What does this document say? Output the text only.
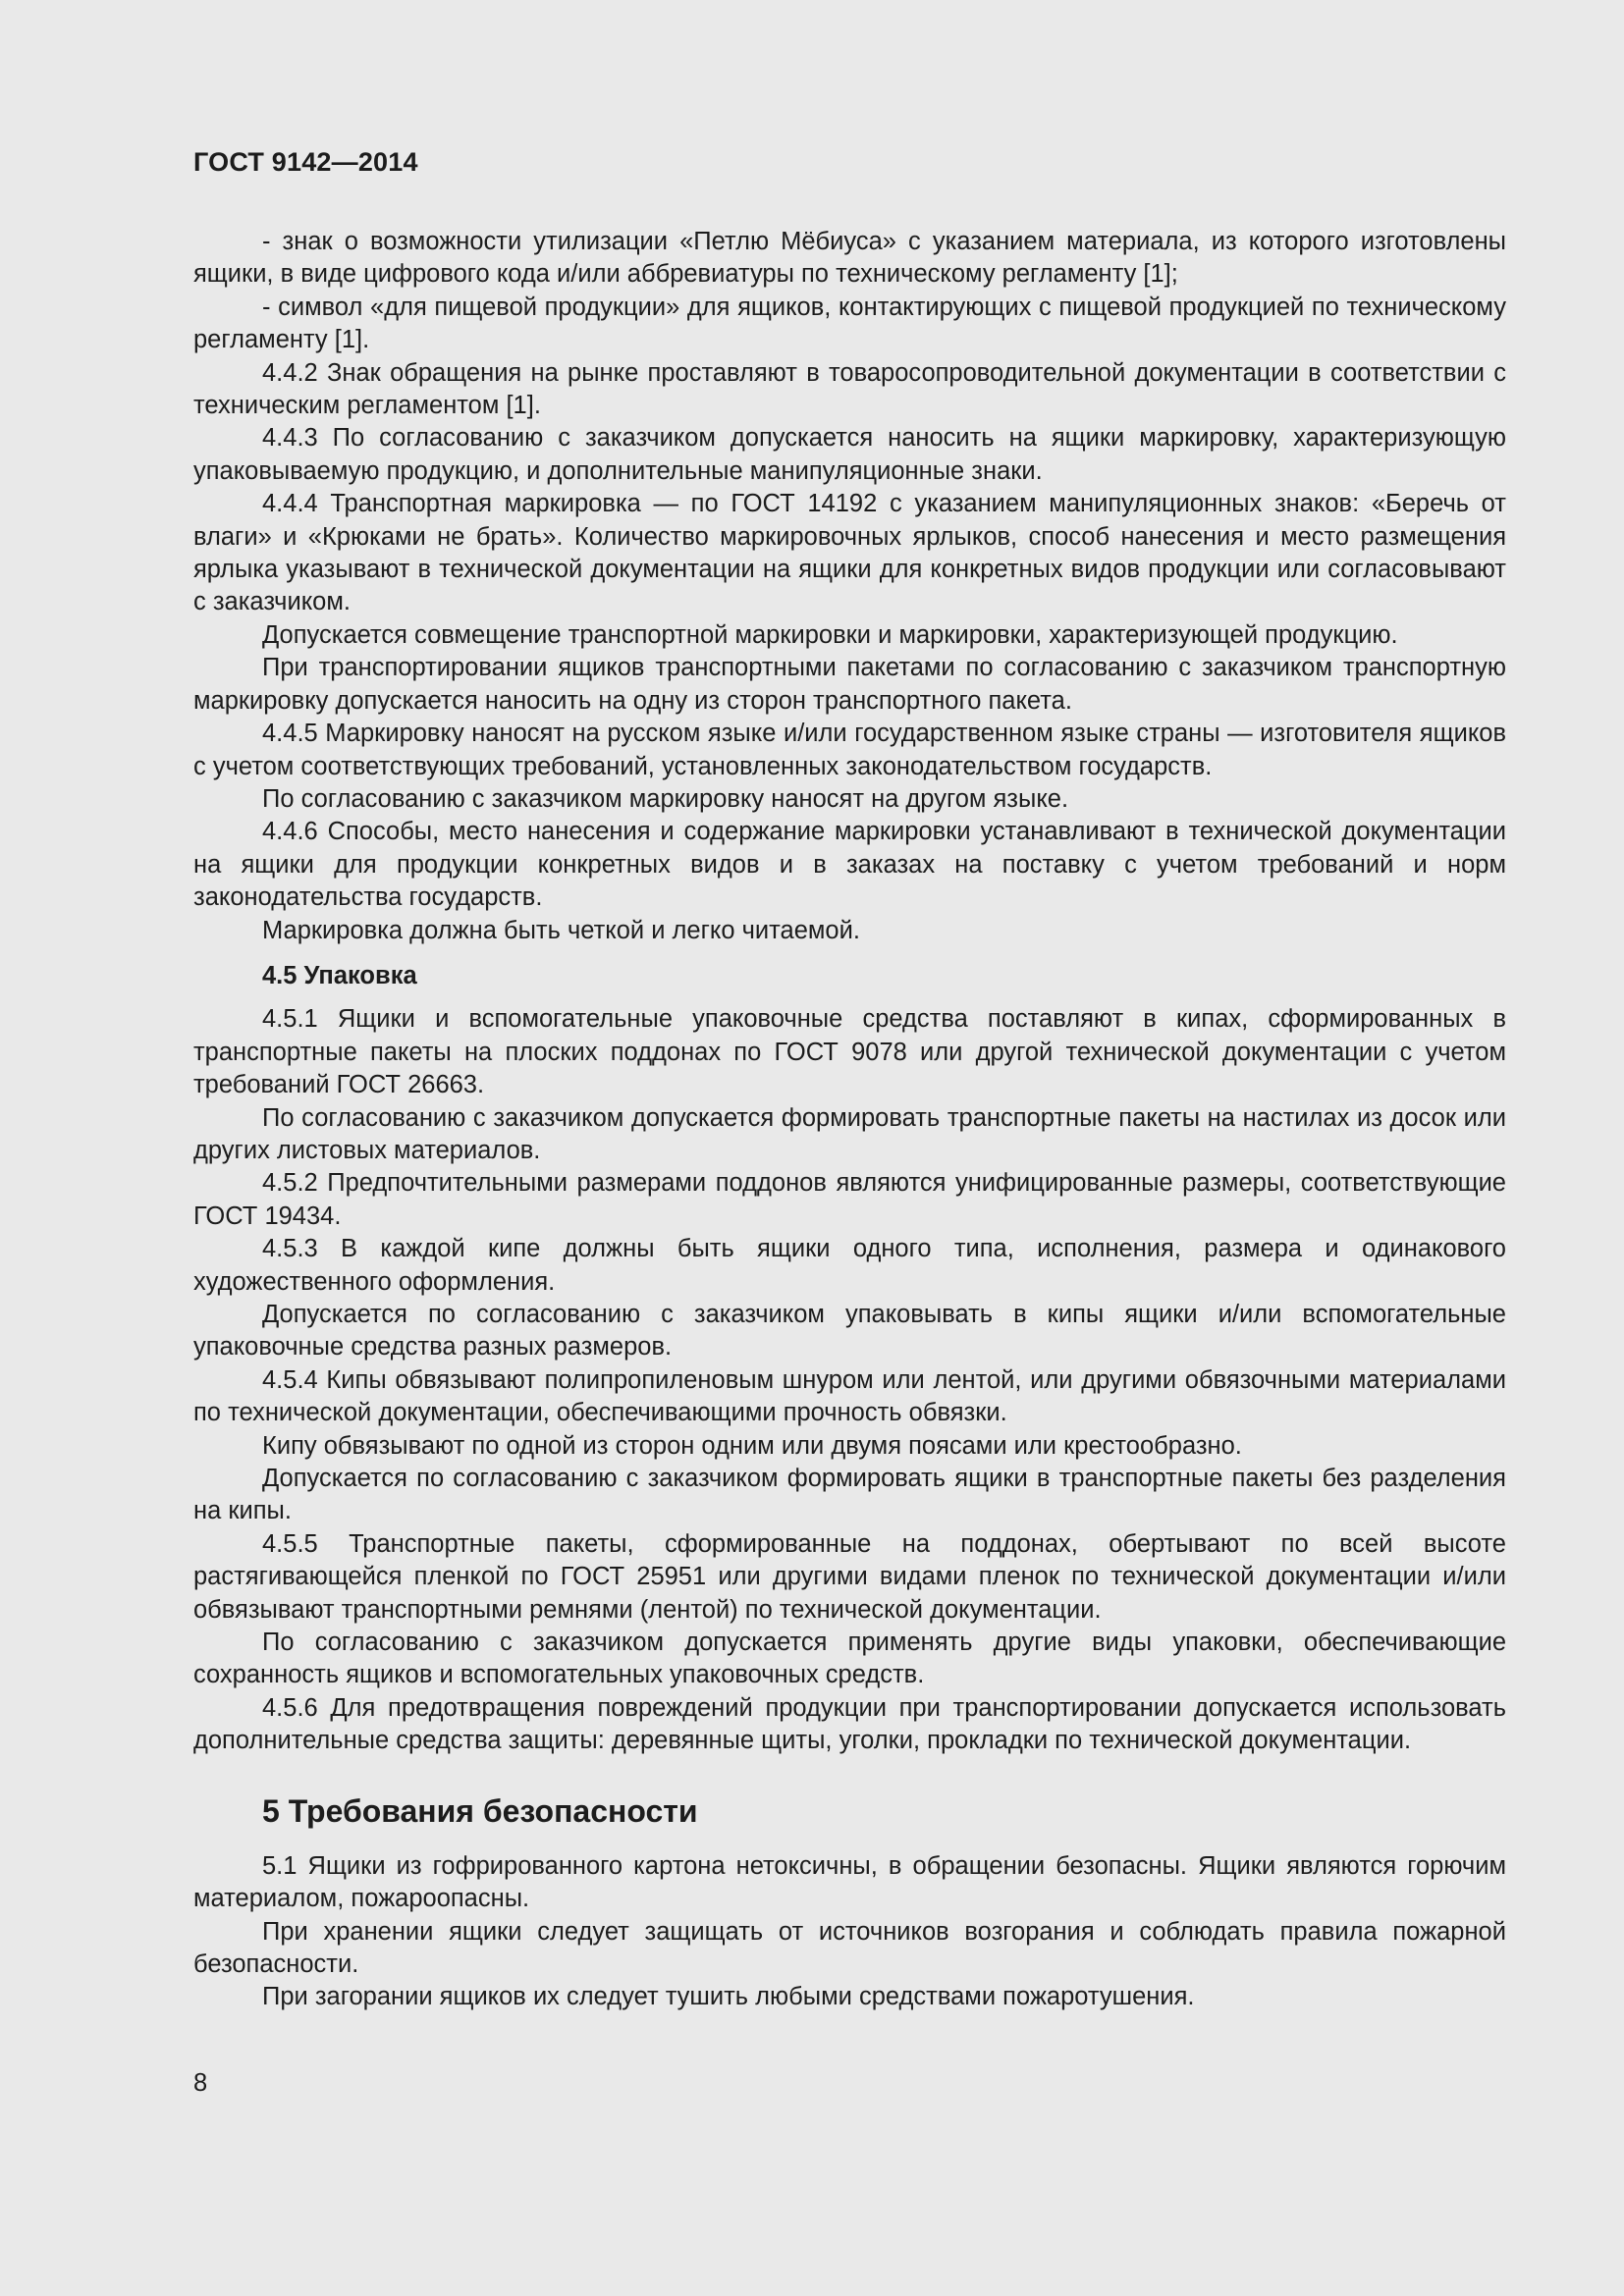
ГОСТ 9142—2014

- знак о возможности утилизации «Петлю Мёбиуса» с указанием материала, из которого изготовлены ящики, в виде цифрового кода и/или аббревиатуры по техническому регламенту [1];

- символ «для пищевой продукции» для ящиков, контактирующих с пищевой продукцией по техническому регламенту [1].

4.4.2 Знак обращения на рынке проставляют в товаросопроводительной документации в соответствии с техническим регламентом [1].

4.4.3 По согласованию с заказчиком допускается наносить на ящики маркировку, характеризующую упаковываемую продукцию, и дополнительные манипуляционные знаки.

4.4.4 Транспортная маркировка — по ГОСТ 14192 с указанием манипуляционных знаков: «Беречь от влаги» и «Крюками не брать». Количество маркировочных ярлыков, способ нанесения и место размещения ярлыка указывают в технической документации на ящики для конкретных видов продукции или согласовывают с заказчиком.

Допускается совмещение транспортной маркировки и маркировки, характеризующей продукцию.

При транспортировании ящиков транспортными пакетами по согласованию с заказчиком транспортную маркировку допускается наносить на одну из сторон транспортного пакета.

4.4.5 Маркировку наносят на русском языке и/или государственном языке страны — изготовителя ящиков с учетом соответствующих требований, установленных законодательством государств.

По согласованию с заказчиком маркировку наносят на другом языке.

4.4.6 Способы, место нанесения и содержание маркировки устанавливают в технической документации на ящики для продукции конкретных видов и в заказах на поставку с учетом требований и норм законодательства государств.

Маркировка должна быть четкой и легко читаемой.

4.5 Упаковка

4.5.1 Ящики и вспомогательные упаковочные средства поставляют в кипах, сформированных в транспортные пакеты на плоских поддонах по ГОСТ 9078 или другой технической документации с учетом требований ГОСТ 26663.

По согласованию с заказчиком допускается формировать транспортные пакеты на настилах из досок или других листовых материалов.

4.5.2 Предпочтительными размерами поддонов являются унифицированные размеры, соответствующие ГОСТ 19434.

4.5.3 В каждой кипе должны быть ящики одного типа, исполнения, размера и одинакового художественного оформления.

Допускается по согласованию с заказчиком упаковывать в кипы ящики и/или вспомогательные упаковочные средства разных размеров.

4.5.4 Кипы обвязывают полипропиленовым шнуром или лентой, или другими обвязочными материалами по технической документации, обеспечивающими прочность обвязки.

Кипу обвязывают по одной из сторон одним или двумя поясами или крестообразно.

Допускается по согласованию с заказчиком формировать ящики в транспортные пакеты без разделения на кипы.

4.5.5 Транспортные пакеты, сформированные на поддонах, обертывают по всей высоте растягивающейся пленкой по ГОСТ 25951 или другими видами пленок по технической документации и/или обвязывают транспортными ремнями (лентой) по технической документации.

По согласованию с заказчиком допускается применять другие виды упаковки, обеспечивающие сохранность ящиков и вспомогательных упаковочных средств.

4.5.6 Для предотвращения повреждений продукции при транспортировании допускается использовать дополнительные средства защиты: деревянные щиты, уголки, прокладки по технической документации.

5 Требования безопасности

5.1 Ящики из гофрированного картона нетоксичны, в обращении безопасны. Ящики являются горючим материалом, пожароопасны.

При хранении ящики следует защищать от источников возгорания и соблюдать правила пожарной безопасности.

При загорании ящиков их следует тушить любыми средствами пожаротушения.

8
